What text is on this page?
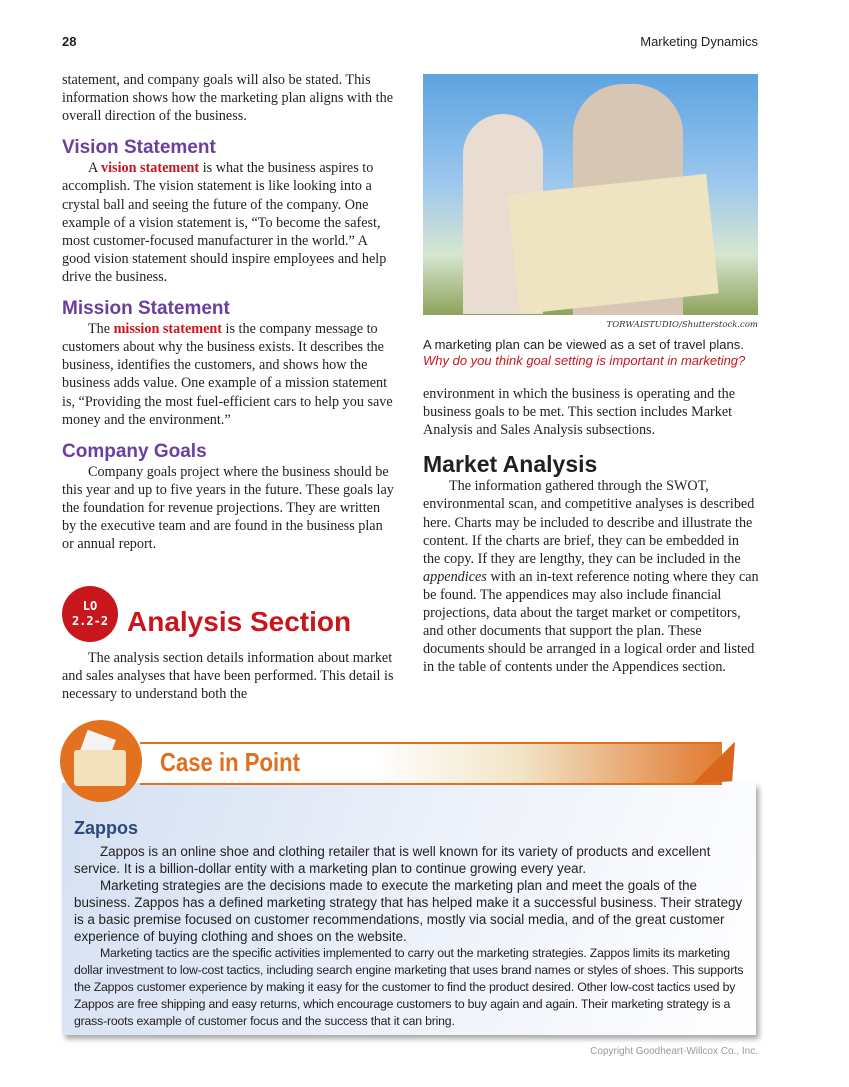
28	Marketing Dynamics

statement, and company goals will also be stated. This information shows how the marketing plan aligns with the overall direction of the business.

Vision Statement

A vision statement is what the business aspires to accomplish. The vision statement is like looking into a crystal ball and seeing the future of the company. One example of a vision statement is, “To become the safest, most customer-focused manufacturer in the world.” A good vision statement should inspire employees and help drive the business.

Mission Statement

The mission statement is the company message to customers about why the business exists. It describes the business, identifies the customers, and shows how the business adds value. One example of a mission statement is, “Providing the most fuel-efficient cars to help you save money and the environment.”

Company Goals

Company goals project where the business should be this year and up to five years in the future. These goals lay the foundation for revenue projections. They are written by the executive team and are found in the business plan or annual report.

LO
2.2-2 Analysis Section

The analysis section details information about market and sales analyses that have been performed. This detail is necessary to understand both the

TORWAISTUDIO/Shutterstock.com
A marketing plan can be viewed as a set of travel plans.
Why do you think goal setting is important in marketing?

environment in which the business is operating and the business goals to be met. This section includes Market Analysis and Sales Analysis subsections.

Market Analysis

The information gathered through the SWOT, environmental scan, and competitive analyses is described here. Charts may be included to describe and illustrate the content. If the charts are brief, they can be embedded in the copy. If they are lengthy, they can be included in the appendices with an in-text reference noting where they can be found. The appendices may also include financial projections, data about the target market or competitors, and other documents that support the plan. These documents should be arranged in a logical order and listed in the table of contents under the Appendices section.

Case in Point
Zappos

Zappos is an online shoe and clothing retailer that is well known for its variety of products and excellent service. It is a billion-dollar entity with a marketing plan to continue growing every year.

Marketing strategies are the decisions made to execute the marketing plan and meet the goals of the business. Zappos has a defined marketing strategy that has helped make it a successful business. Their strategy is a basic premise focused on customer recommendations, mostly via social media, and of the great customer experience of buying clothing and shoes on the website.

Marketing tactics are the specific activities implemented to carry out the marketing strategies. Zappos limits its marketing dollar investment to low-cost tactics, including search engine marketing that uses brand names or styles of shoes. This supports the Zappos customer experience by making it easy for the customer to find the product desired. Other low-cost tactics used by Zappos are free shipping and easy returns, which encourage customers to buy again and again. Their marketing strategy is a grass-roots example of customer focus and the success that it can bring.

Copyright Goodheart-Willcox Co., Inc.
